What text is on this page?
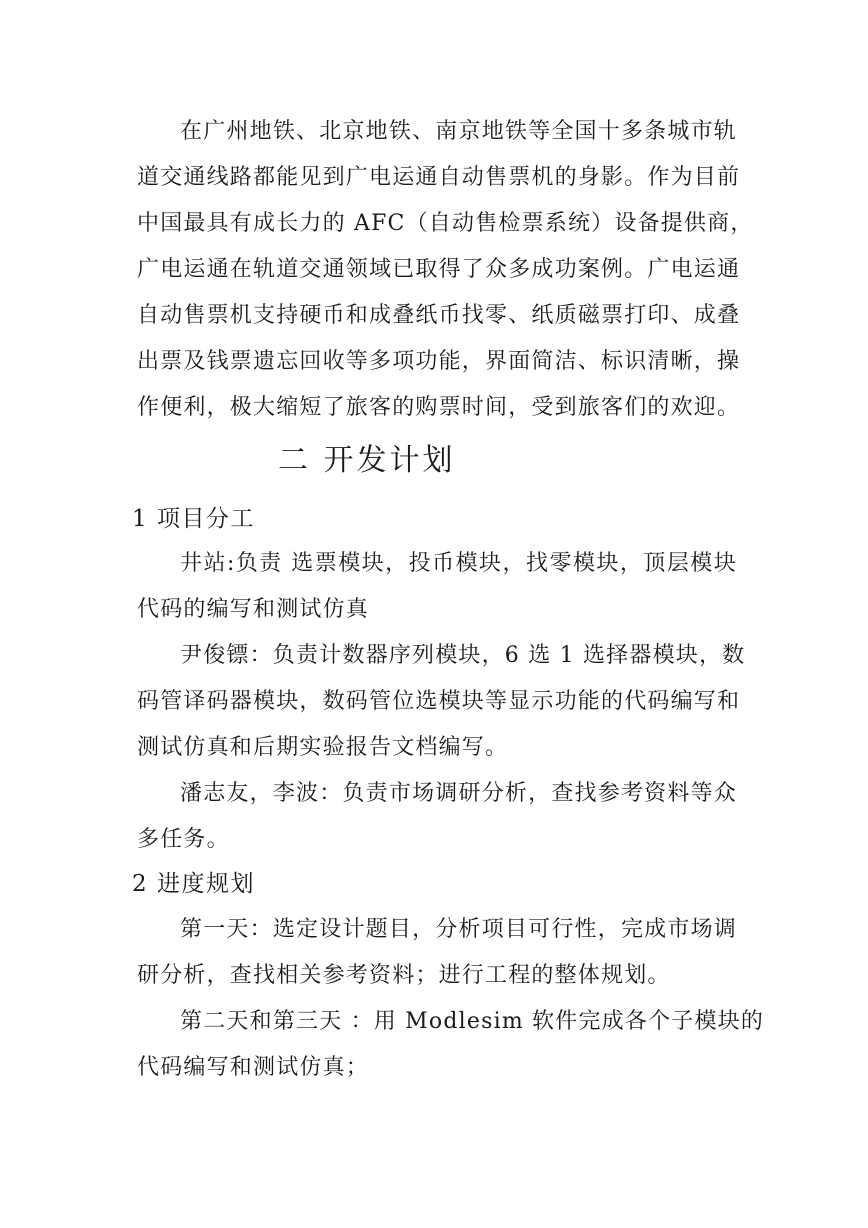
在广州地铁、北京地铁、南京地铁等全国十多条城市轨
道交通线路都能见到广电运通自动售票机的身影。作为目前
中国最具有成长力的 AFC（自动售检票系统）设备提供商，
广电运通在轨道交通领域已取得了众多成功案例。广电运通
自动售票机支持硬币和成叠纸币找零、纸质磁票打印、成叠
出票及钱票遗忘回收等多项功能，界面简洁、标识清晰，操
作便利，极大缩短了旅客的购票时间，受到旅客们的欢迎。
二 开发计划
1 项目分工
井站:负责 选票模块，投币模块，找零模块，顶层模块
代码的编写和测试仿真
尹俊镖：负责计数器序列模块，6 选 1 选择器模块，数
码管译码器模块，数码管位选模块等显示功能的代码编写和
测试仿真和后期实验报告文档编写。
潘志友，李波：负责市场调研分析，查找参考资料等众
多任务。
2 进度规划
第一天：选定设计题目，分析项目可行性，完成市场调
研分析，查找相关参考资料；进行工程的整体规划。
第二天和第三天 ：用 Modlesim 软件完成各个子模块的
代码编写和测试仿真；
